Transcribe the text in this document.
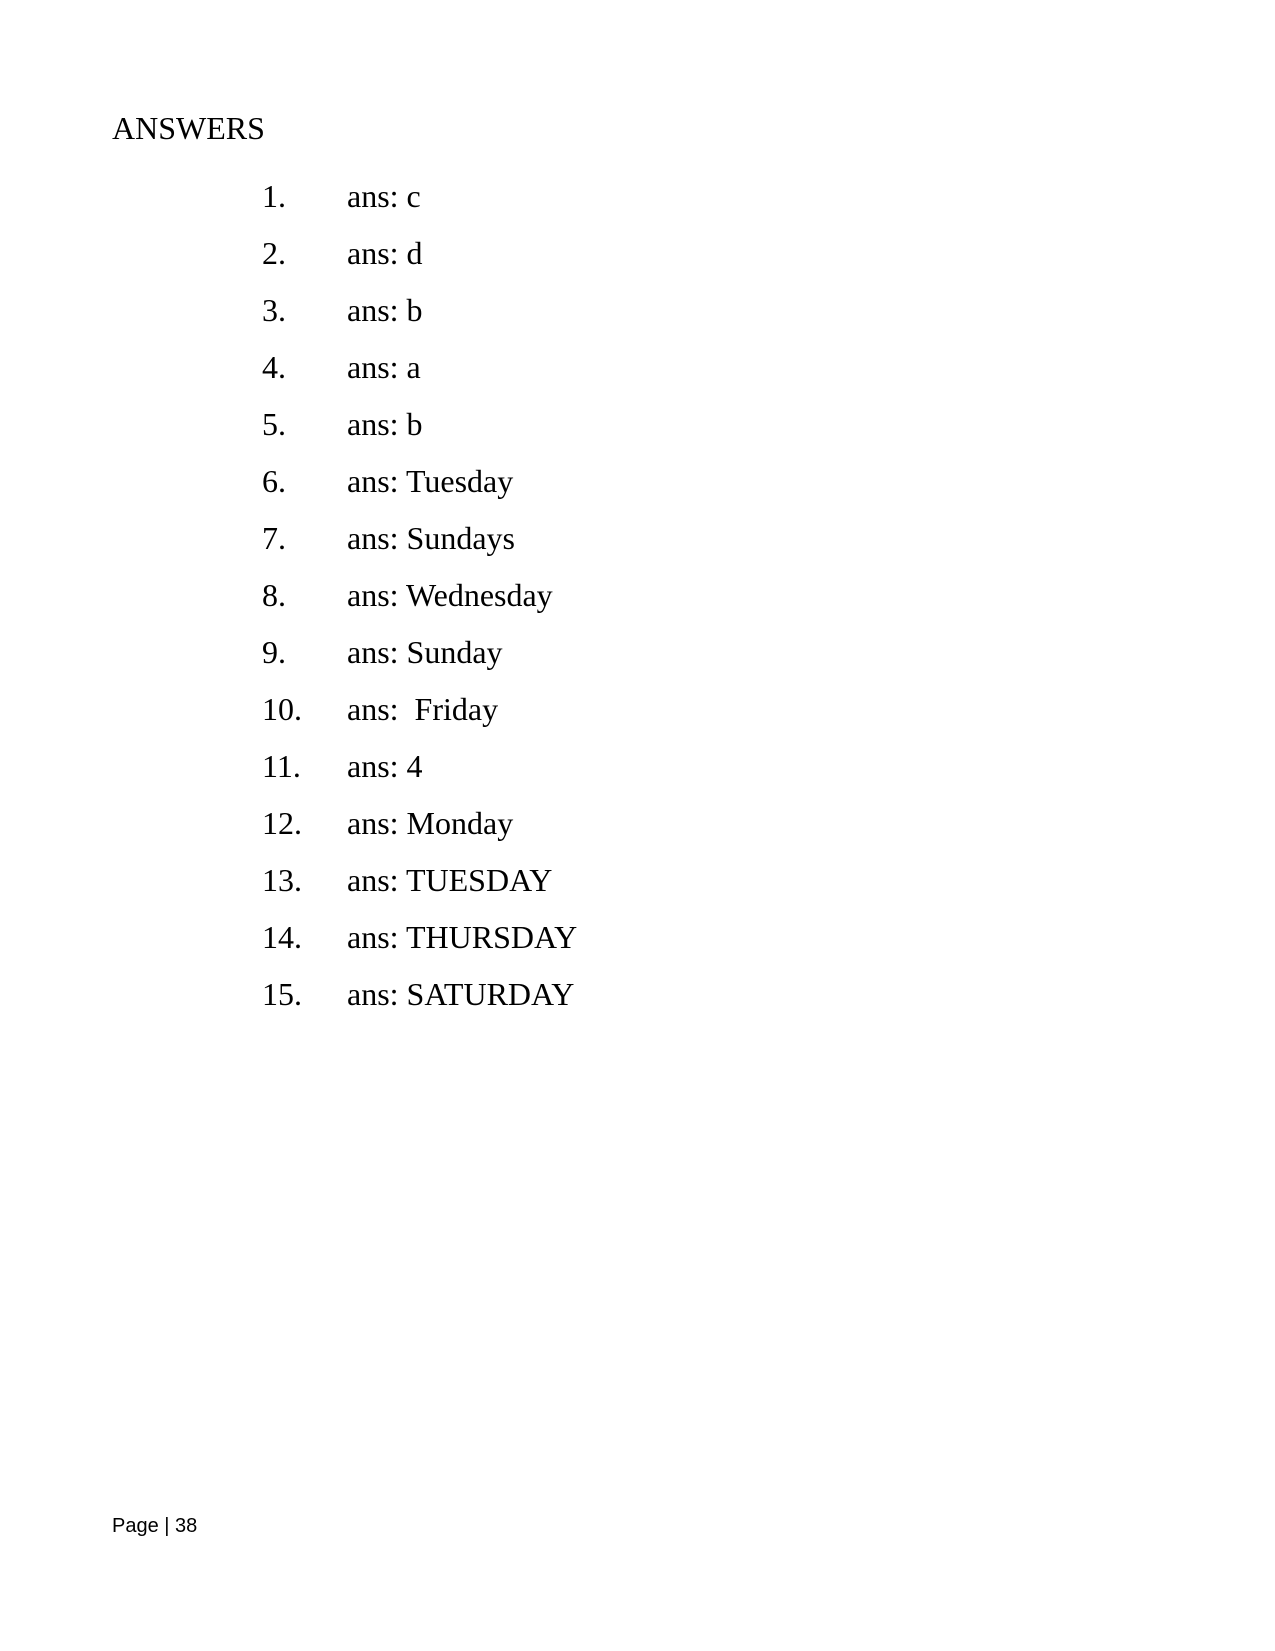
ANSWERS
1. ans: c
2. ans: d
3. ans: b
4. ans: a
5. ans: b
6. ans: Tuesday
7. ans: Sundays
8. ans: Wednesday
9. ans: Sunday
10. ans:  Friday
11. ans: 4
12. ans: Monday
13. ans: TUESDAY
14. ans: THURSDAY
15. ans: SATURDAY
Page | 38
